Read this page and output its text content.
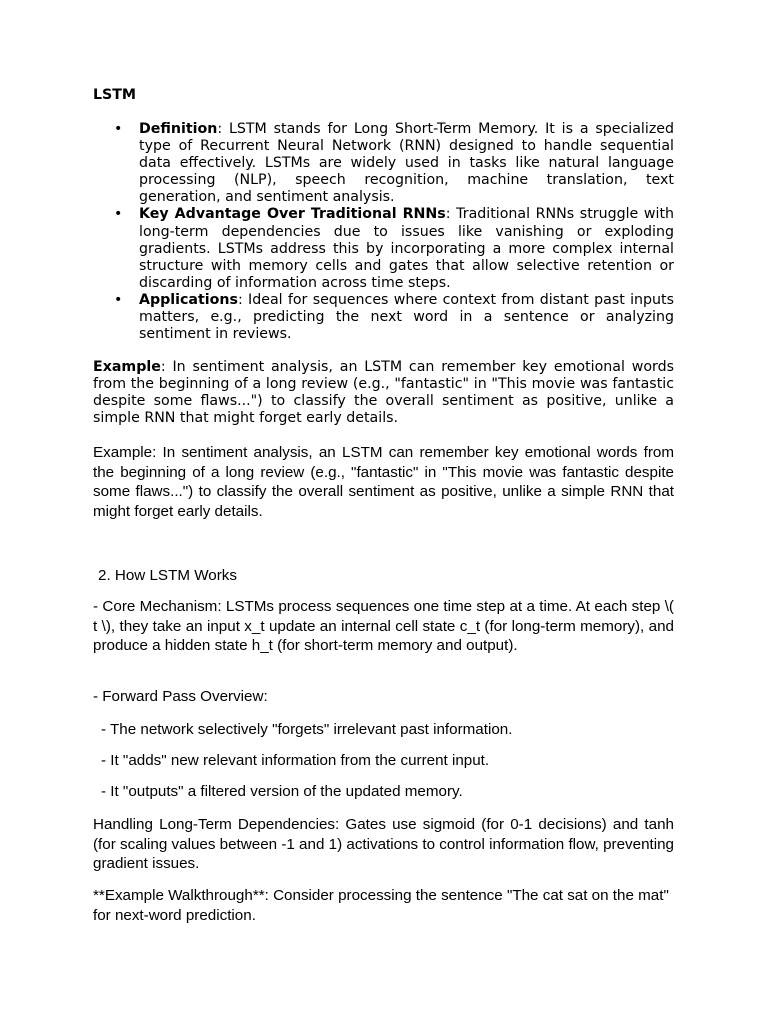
LSTM

• Definition: LSTM stands for Long Short-Term Memory. It is a specialized type of Recurrent Neural Network (RNN) designed to handle sequential data effectively. LSTMs are widely used in tasks like natural language processing (NLP), speech recognition, machine translation, text generation, and sentiment analysis.
• Key Advantage Over Traditional RNNs: Traditional RNNs struggle with long-term dependencies due to issues like vanishing or exploding gradients. LSTMs address this by incorporating a more complex internal structure with memory cells and gates that allow selective retention or discarding of information across time steps.
• Applications: Ideal for sequences where context from distant past inputs matters, e.g., predicting the next word in a sentence or analyzing sentiment in reviews.

Example: In sentiment analysis, an LSTM can remember key emotional words from the beginning of a long review (e.g., "fantastic" in "This movie was fantastic despite some flaws...") to classify the overall sentiment as positive, unlike a simple RNN that might forget early details.

Example: In sentiment analysis, an LSTM can remember key emotional words from the beginning of a long review (e.g., "fantastic" in "This movie was fantastic despite some flaws...") to classify the overall sentiment as positive, unlike a simple RNN that might forget early details.

2. How LSTM Works

- Core Mechanism: LSTMs process sequences one time step at a time. At each step \( t \), they take an input x_t update an internal cell state c_t (for long-term memory), and produce a hidden state h_t (for short-term memory and output).

- Forward Pass Overview:

- The network selectively "forgets" irrelevant past information.

- It "adds" new relevant information from the current input.

- It "outputs" a filtered version of the updated memory.

Handling Long-Term Dependencies: Gates use sigmoid (for 0-1 decisions) and tanh (for scaling values between -1 and 1) activations to control information flow, preventing gradient issues.

**Example Walkthrough**: Consider processing the sentence "The cat sat on the mat" for next-word prediction.
